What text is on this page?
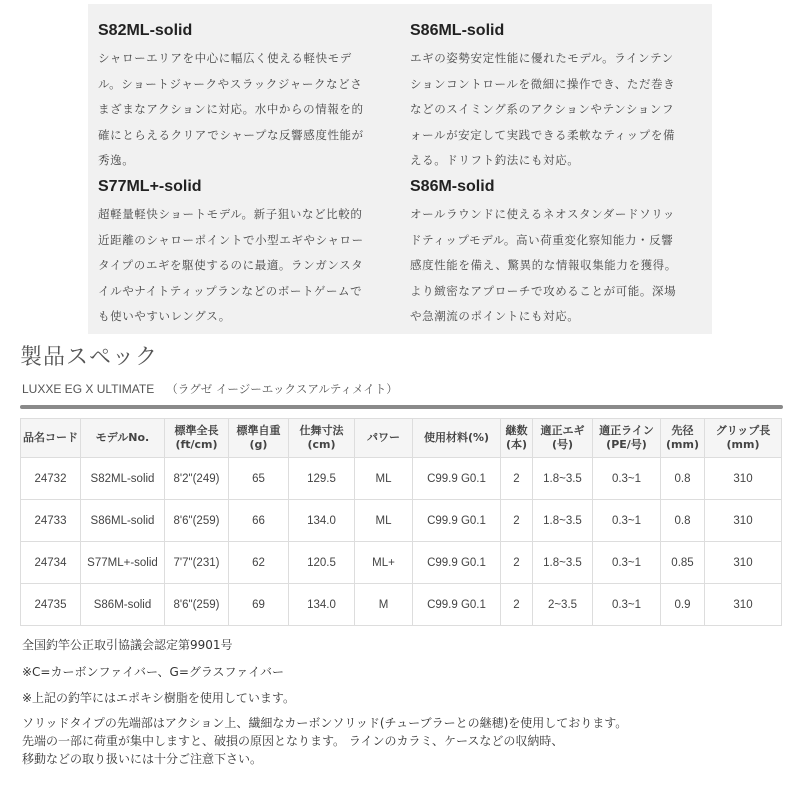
S82ML-solid

シャローエリアを中心に幅広く使える軽快モデ
ル。ショートジャークやスラックジャークなどさ
まざまなアクションに対応。水中からの情報を的
確にとらえるクリアでシャープな反響感度性能が
秀逸。

S86ML-solid

エギの姿勢安定性能に優れたモデル。ラインテン
ションコントロールを微細に操作でき、ただ巻き
などのスイミング系のアクションやテンションフ
ォールが安定して実践できる柔軟なティップを備
える。ドリフト釣法にも対応。

S77ML+-solid

超軽量軽快ショートモデル。新子狙いなど比較的
近距離のシャローポイントで小型エギやシャロー
タイプのエギを駆使するのに最適。ランガンスタ
イルやナイトティップランなどのボートゲームで
も使いやすいレングス。

S86M-solid

オールラウンドに使えるネオスタンダードソリッ
ドティップモデル。高い荷重変化察知能力・反響
感度性能を備え、驚異的な情報収集能力を獲得。
より緻密なアプローチで攻めることが可能。深場
や急潮流のポイントにも対応。

製品スペック
LUXXE EG X ULTIMATE （ラグゼ イージーエックスアルティメイト）
品名コード	モデルNo.	標準全長
(ft/cm)	標準自重
(g)	仕舞寸法
(cm)	パワー	使用材料(%)	継数
(本)	適正エギ
(号)	適正ライン
(PE/号)	先径
(mm)	グリップ長
(mm)
24732	S82ML-solid	8'2"(249)	65	129.5	ML	C99.9 G0.1	2	1.8~3.5	0.3~1	0.8	310
24733	S86ML-solid	8'6"(259)	66	134.0	ML	C99.9 G0.1	2	1.8~3.5	0.3~1	0.8	310
24734	S77ML+-solid	7'7"(231)	62	120.5	ML+	C99.9 G0.1	2	1.8~3.5	0.3~1	0.85	310
24735	S86M-solid	8'6"(259)	69	134.0	M	C99.9 G0.1	2	2~3.5	0.3~1	0.9	310
全国釣竿公正取引協議会認定第9901号
※C=カーボンファイバー、G=グラスファイバー
※上記の釣竿にはエポキシ樹脂を使用しています。
ソリッドタイプの先端部はアクション上、繊細なカーボンソリッド(チューブラーとの継穂)を使用しております。
先端の一部に荷重が集中しますと、破損の原因となります。 ラインのカラミ、ケースなどの収納時、
移動などの取り扱いには十分ご注意下さい。
